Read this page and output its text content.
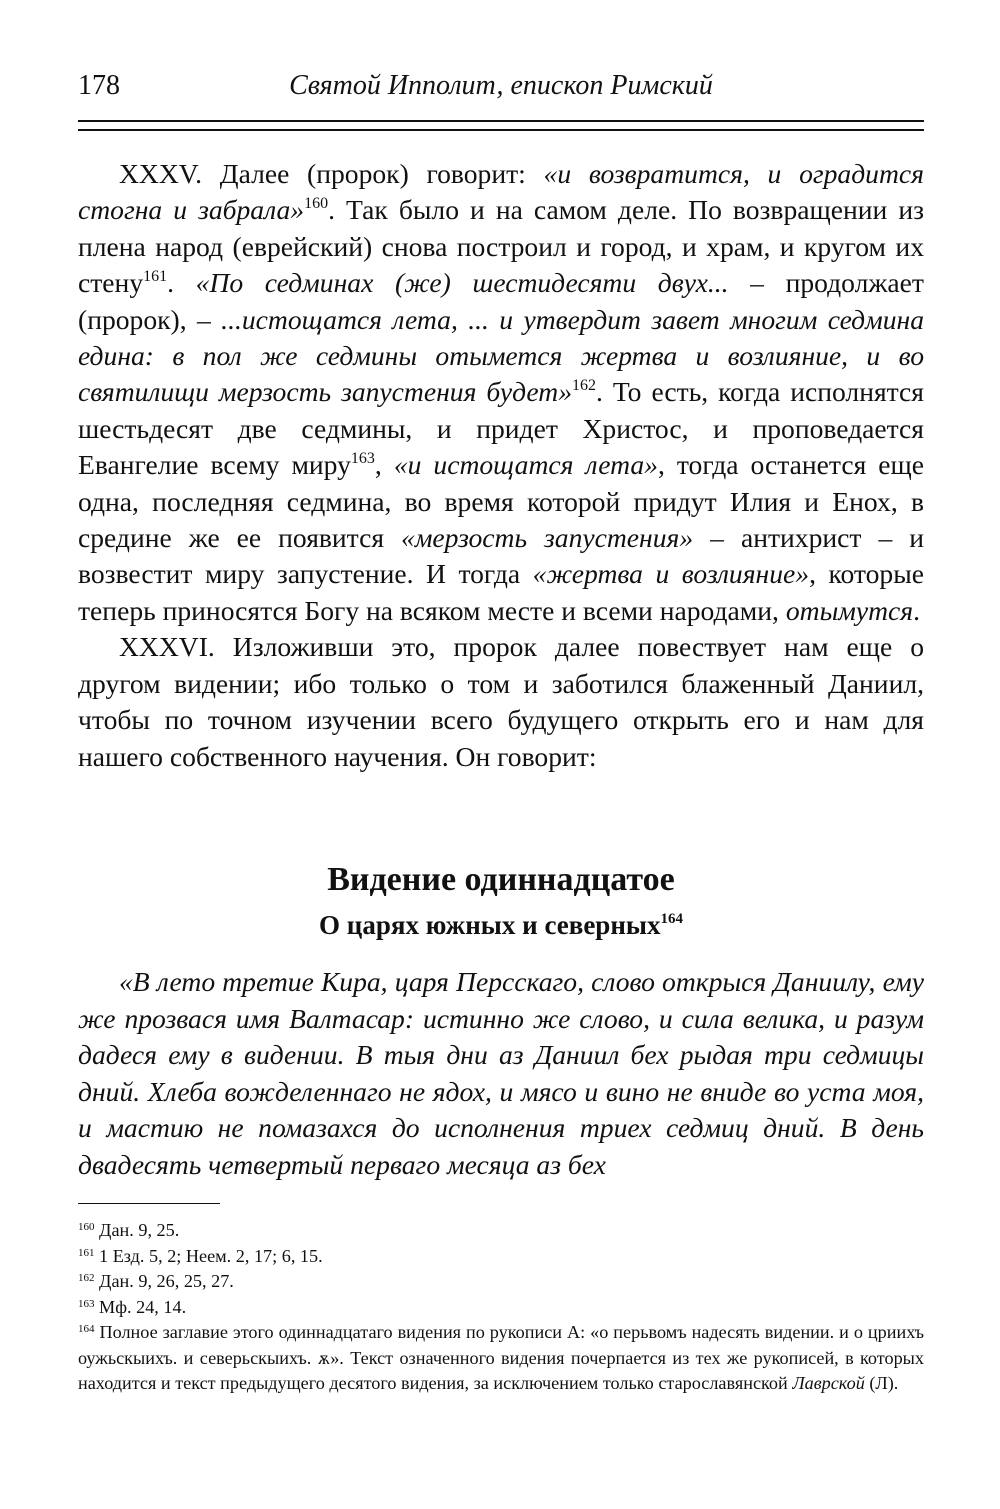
178	Святой Ипполит, епископ Римский

XXXV. Далее (пророк) говорит: «и возвратится, и оградится стогна и забрала»$^{160}$. Так было и на самом деле. По возвращении из плена народ (еврейский) снова построил и город, и храм, и кругом их стену$^{161}$. «По седминах (же) шестидесяти двух... – продолжает (пророк), – ...истощатся лета, ... и утвердит завет многим седмина едина: в пол же седмины отымется жертва и возлияние, и во святилищи мерзость запустения будет»$^{162}$. То есть, когда исполнятся шестьдесят две седмины, и придет Христос, и проповедается Евангелие всему миру$^{163}$, «и истощатся лета», тогда останется еще одна, последняя седмина, во время которой придут Илия и Енох, в средине же ее появится «мерзость запустения» – антихрист – и возвестит миру запустение. И тогда «жертва и возлияние», которые теперь приносятся Богу на всяком месте и всеми народами, отымутся.

XXXVI. Изложивши это, пророк далее повествует нам еще о другом видении; ибо только о том и заботился блаженный Даниил, чтобы по точном изучении всего будущего открыть его и нам для нашего собственного научения. Он говорит:

Видение одиннадцатое
О царях южных и северных$^{164}$

«В лето третие Кира, царя Персскаго, слово открыся Даниилу, ему же прозвася имя Валтасар: истинно же слово, и сила велика, и разум дадеся ему в видении. В тыя дни аз Даниил бех рыдая три седмицы дний. Хлеба вожделеннаго не ядох, и мясо и вино не вниде во уста моя, и мастию не помазахся до исполнения триех седмиц дний. В день двадесять четвертый перваго месяца аз бех

$^{160}$ Дан. 9, 25.

$^{161}$ 1 Езд. 5, 2; Неем. 2, 17; 6, 15.

$^{162}$ Дан. 9, 26, 25, 27.

$^{163}$ Мф. 24, 14.

$^{164}$ Полное заглавие этого одиннадцатаго видения по рукописи А: «о перьвомъ надесять видении. и о цриихъ оужьскыихъ. и северьскыихъ. ѫ». Текст означенного видения почерпается из тех же рукописей, в которых находится и текст предыдущего десятого видения, за исключением только старославянской Лаврской (Л).
